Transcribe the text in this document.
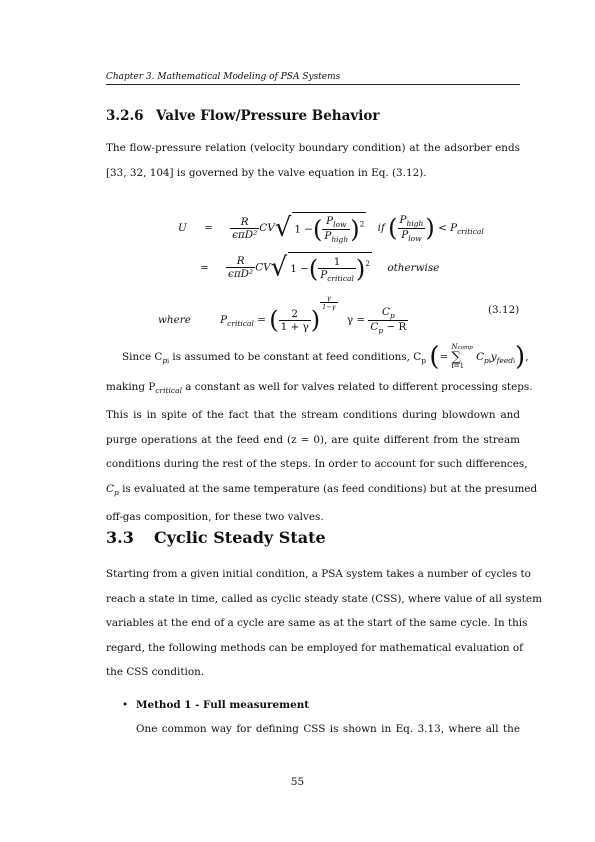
Chapter 3. Mathematical Modeling of PSA Systems
3.2.6 Valve Flow/Pressure Behavior
The flow-pressure relation (velocity boundary condition) at the adsorber ends
[33, 32, 104] is governed by the valve equation in Eq. (3.12).
$U = \frac{R}{\text{ϵπD²}} CV√$ 1 −( $\frac{P_{low}}{P_{high}} )^2$ if ( $\frac{P_{high}}{P_{low}}$ ) < $P_{critical}$
= $\frac{R}{\text{ϵπD²}} CV√$ 1 −( $\frac{1}{P_{critical}} )^2$ otherwise
where	$P_{critical}$ = ( $\frac{2}{1 + \gamma}$ )
$\frac{\gamma}{1-\gamma}$
$\gamma = \frac{C_p}{C_p - R}$	(3.12)
Since $C_{pi}$ is assumed to be constant at feed conditions, $C_p$ (=
Ncomp
∑
i=1
$C_{pi}y_{feedi}$),
making $P_{critical}$ a constant as well for valves related to different processing steps.
This is in spite of the fact that the stream conditions during blowdown and
purge operations at the feed end (z = 0), are quite different from the stream
conditions during the rest of the steps. In order to account for such differences,
$C_p$ is evaluated at the same temperature (as feed conditions) but at the presumed
off-gas composition, for these two valves.
3.3 Cyclic Steady State
Starting from a given initial condition, a PSA system takes a number of cycles to
reach a state in time, called as cyclic steady state (CSS), where value of all system
variables at the end of a cycle are same as at the start of the same cycle. In this
regard, the following methods can be employed for mathematical evaluation of
the CSS condition.
• Method 1 - Full measurement
One common way for defining CSS is shown in Eq. 3.13, where all the
55
